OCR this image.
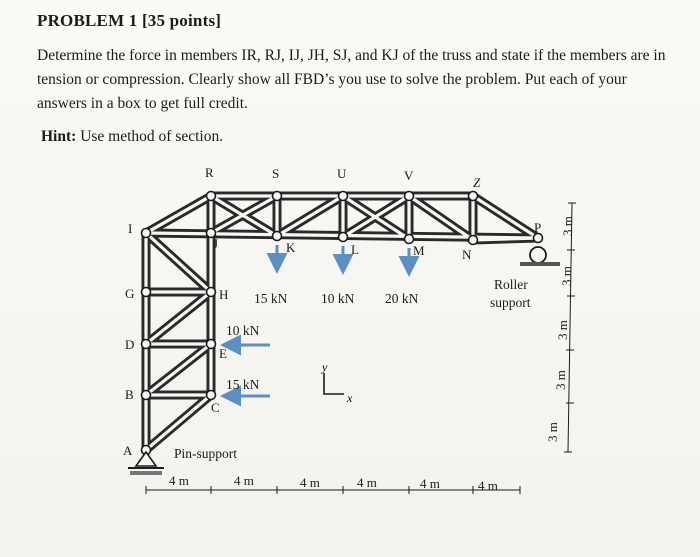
PROBLEM 1 [35 points]
Determine the force in members IR, RJ, IJ, JH, SJ, and KJ of the truss and state if the members are in tension or compression. Clearly show all FBD’s you use to solve the problem. Put each of your answers in a box to get full credit.
Hint: Use method of section.
R	S	U	V	Z
I
J	K	L	M	N
P
G	H
D
E
B
C
A
15 kN 10 kN 20 kN
10 kN
15 kN
Pin-support
Roller
support
y
x
4 m	4 m	4 m	4 m	4 m	4 m
3 m
3 m
3 m
3 m
3 m
